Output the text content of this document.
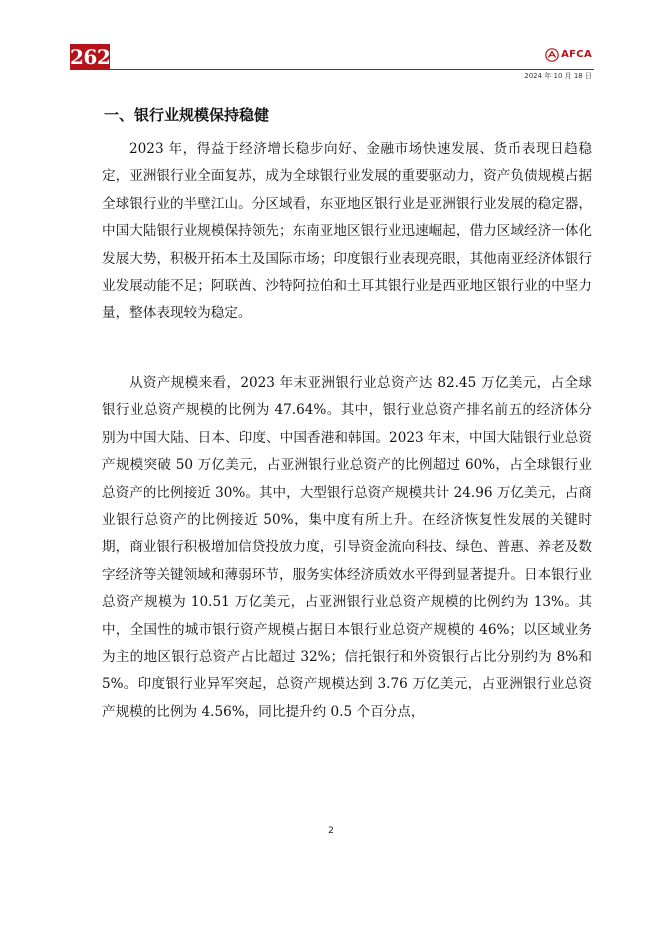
262	AFCA
2024 年 10 月 18 日
一、银行业规模保持稳健

2023 年，得益于经济增长稳步向好、金融市场快速发展、货币表现日趋稳定，亚洲银行业全面复苏，成为全球银行业发展的重要驱动力，资产负债规模占据全球银行业的半壁江山。分区域看，东亚地区银行业是亚洲银行业发展的稳定器，中国大陆银行业规模保持领先；东南亚地区银行业迅速崛起，借力区域经济一体化发展大势，积极开拓本土及国际市场；印度银行业表现亮眼，其他南亚经济体银行业发展动能不足；阿联酋、沙特阿拉伯和土耳其银行业是西亚地区银行业的中坚力量，整体表现较为稳定。

从资产规模来看，2023 年末亚洲银行业总资产达 82.45 万亿美元，占全球银行业总资产规模的比例为 47.64%。其中，银行业总资产排名前五的经济体分别为中国大陆、日本、印度、中国香港和韩国。2023 年末，中国大陆银行业总资产规模突破 50 万亿美元，占亚洲银行业总资产的比例超过 60%，占全球银行业总资产的比例接近 30%。其中，大型银行总资产规模共计 24.96 万亿美元，占商业银行总资产的比例接近 50%，集中度有所上升。在经济恢复性发展的关键时期，商业银行积极增加信贷投放力度，引导资金流向科技、绿色、普惠、养老及数字经济等关键领域和薄弱环节，服务实体经济质效水平得到显著提升。日本银行业总资产规模为 10.51 万亿美元，占亚洲银行业总资产规模的比例约为 13%。其中，全国性的城市银行资产规模占据日本银行业总资产规模的 46%；以区域业务为主的地区银行总资产占比超过 32%；信托银行和外资银行占比分别约为 8%和 5%。印度银行业异军突起，总资产规模达到 3.76 万亿美元，占亚洲银行业总资产规模的比例为 4.56%，同比提升约 0.5 个百分点，

2
